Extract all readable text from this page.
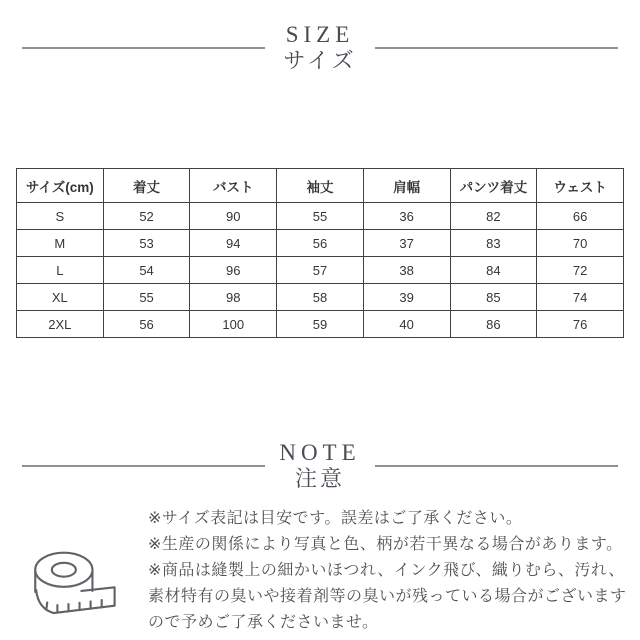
SIZE
サイズ
サイズ(cm)	着丈	バスト	袖丈	肩幅	パンツ着丈	ウェスト
S	52	90	55	36	82	66
M	53	94	56	37	83	70
L	54	96	57	38	84	72
XL	55	98	58	39	85	74
2XL	56	100	59	40	86	76
NOTE
注意
※サイズ表記は目安です。誤差はご了承ください。
※生産の関係により写真と色、柄が若干異なる場合があります。
※商品は縫製上の細かいほつれ、インク飛び、織りむら、汚れ、
素材特有の臭いや接着剤等の臭いが残っている場合がございます
ので予めご了承くださいませ。
